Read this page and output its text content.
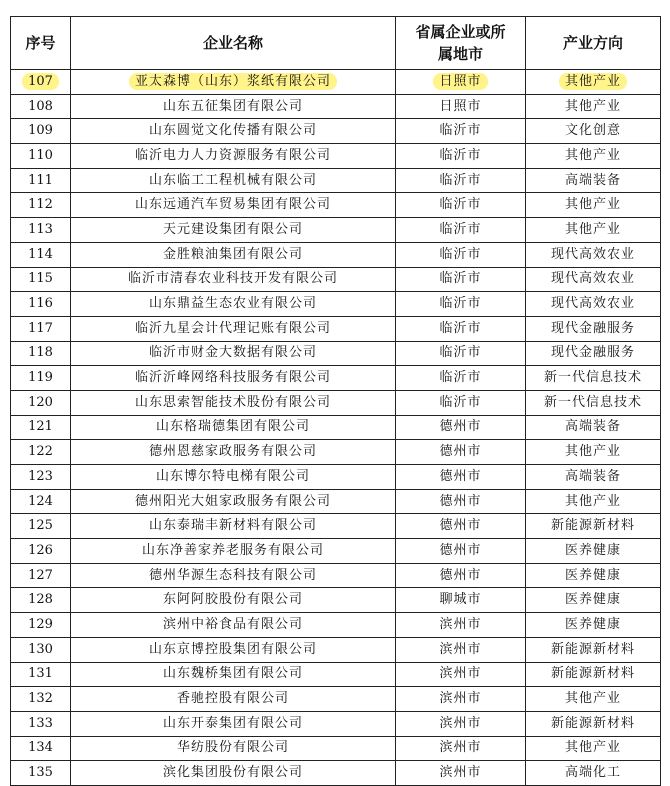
序号	企业名称	省属企业或所属地市	产业方向
107	亚太森博（山东）浆纸有限公司	日照市	其他产业
108	山东五征集团有限公司	日照市	其他产业
109	山东圆觉文化传播有限公司	临沂市	文化创意
110	临沂电力人力资源服务有限公司	临沂市	其他产业
111	山东临工工程机械有限公司	临沂市	高端装备
112	山东远通汽车贸易集团有限公司	临沂市	其他产业
113	天元建设集团有限公司	临沂市	其他产业
114	金胜粮油集团有限公司	临沂市	现代高效农业
115	临沂市清春农业科技开发有限公司	临沂市	现代高效农业
116	山东鼎益生态农业有限公司	临沂市	现代高效农业
117	临沂九星会计代理记账有限公司	临沂市	现代金融服务
118	临沂市财金大数据有限公司	临沂市	现代金融服务
119	临沂沂峰网络科技服务有限公司	临沂市	新一代信息技术
120	山东思索智能技术股份有限公司	临沂市	新一代信息技术
121	山东格瑞德集团有限公司	德州市	高端装备
122	德州恩慈家政服务有限公司	德州市	其他产业
123	山东博尔特电梯有限公司	德州市	高端装备
124	德州阳光大姐家政服务有限公司	德州市	其他产业
125	山东泰瑞丰新材料有限公司	德州市	新能源新材料
126	山东净善家养老服务有限公司	德州市	医养健康
127	德州华源生态科技有限公司	德州市	医养健康
128	东阿阿胶股份有限公司	聊城市	医养健康
129	滨州中裕食品有限公司	滨州市	医养健康
130	山东京博控股集团有限公司	滨州市	新能源新材料
131	山东魏桥集团有限公司	滨州市	新能源新材料
132	香驰控股有限公司	滨州市	其他产业
133	山东开泰集团有限公司	滨州市	新能源新材料
134	华纺股份有限公司	滨州市	其他产业
135	滨化集团股份有限公司	滨州市	高端化工
